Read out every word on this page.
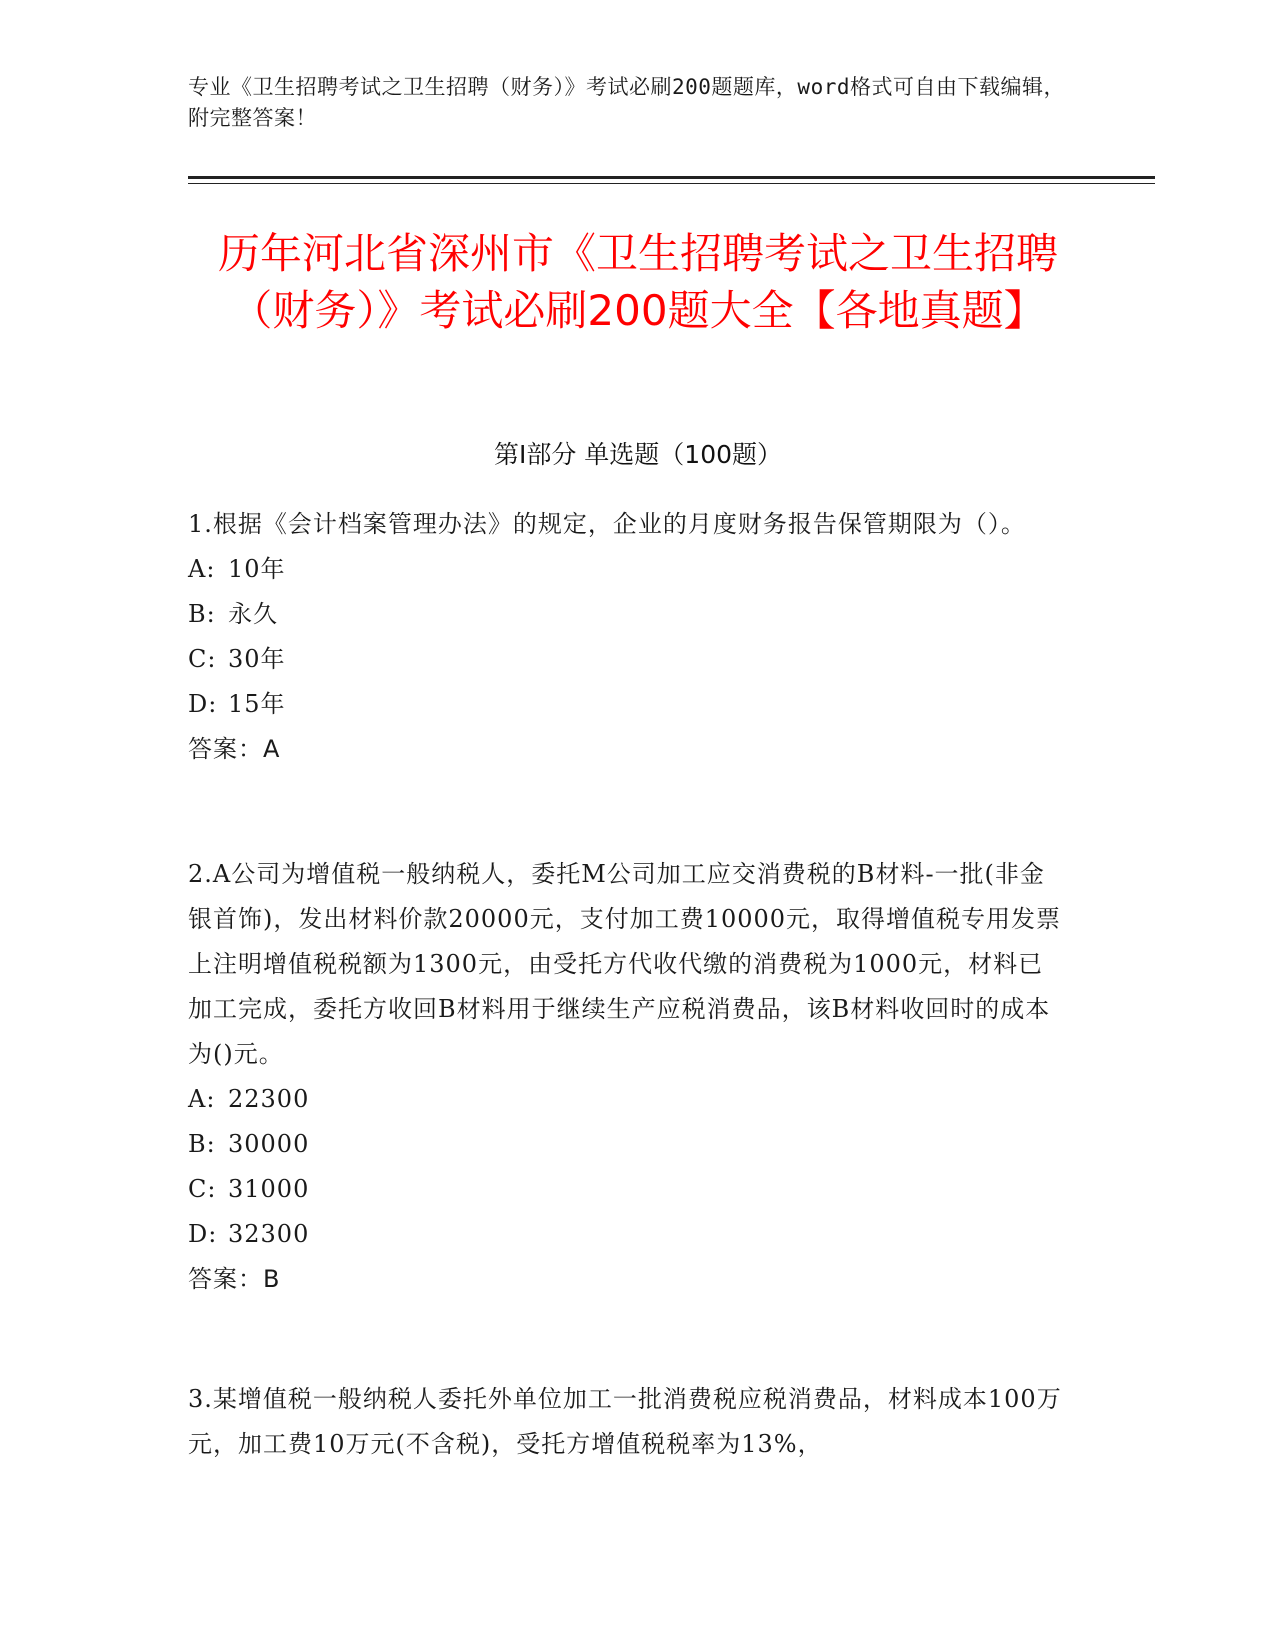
专业《卫生招聘考试之卫生招聘（财务）》考试必刷200题题库，word格式可自由下载编辑，附完整答案！
历年河北省深州市《卫生招聘考试之卫生招聘（财务）》考试必刷200题大全【各地真题】
第Ⅰ部分 单选题（100题）

1.根据《会计档案管理办法》的规定，企业的月度财务报告保管期限为（）。

A: 10年

B: 永久

C: 30年

D: 15年

答案：A

2.A公司为增值税一般纳税人，委托M公司加工应交消费税的B材料-一批(非金银首饰)，发出材料价款20000元，支付加工费10000元，取得增值税专用发票上注明增值税税额为1300元，由受托方代收代缴的消费税为1000元，材料已加工完成，委托方收回B材料用于继续生产应税消费品，该B材料收回时的成本为()元。

A: 22300

B: 30000

C: 31000

D: 32300

答案：B

3.某增值税一般纳税人委托外单位加工一批消费税应税消费品，材料成本100万元，加工费10万元(不含税)，受托方增值税税率为13%，
